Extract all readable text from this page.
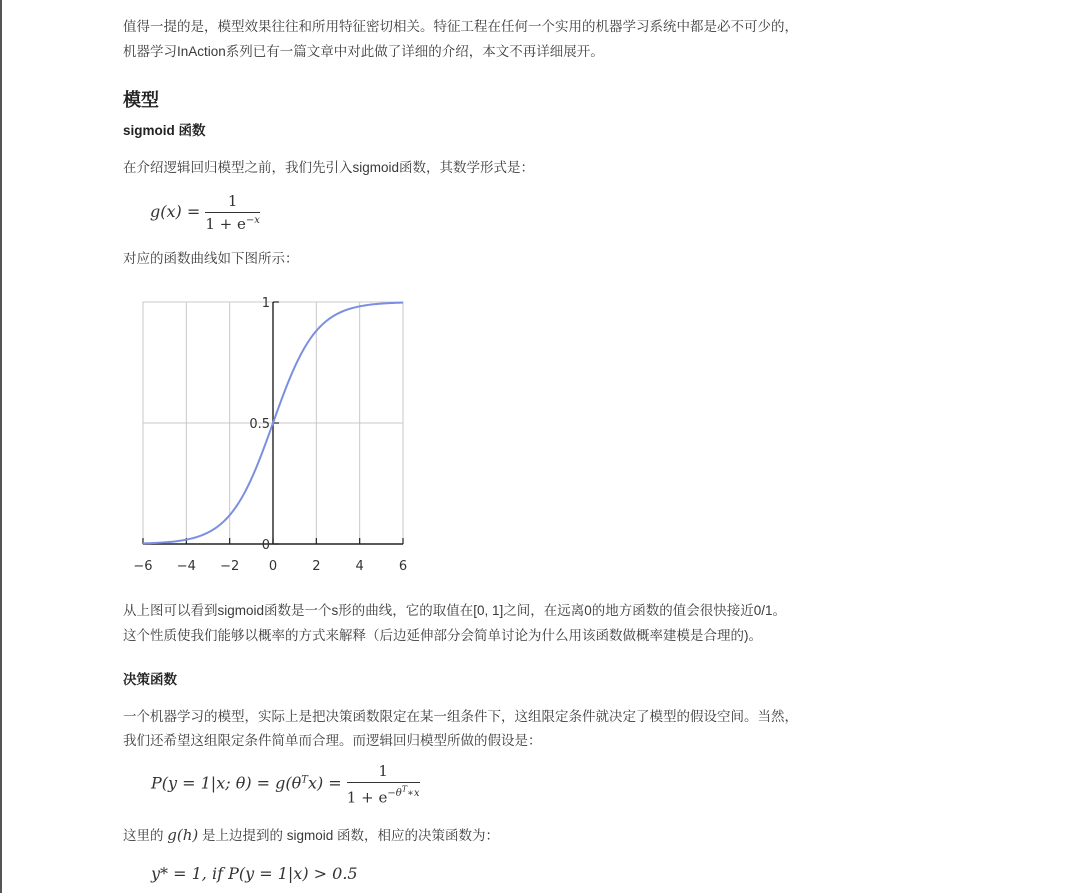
值得一提的是，模型效果往往和所用特征密切相关。特征工程在任何一个实用的机器学习系统中都是必不可少的，
机器学习InAction系列已有一篇文章中对此做了详细的介绍，本文不再详细展开。
模型
sigmoid 函数
在介绍逻辑回归模型之前，我们先引入sigmoid函数，其数学形式是：
$g(x) = \frac{1}{1 + e^{-x}}$
对应的函数曲线如下图所示：
从上图可以看到sigmoid函数是一个s形的曲线，它的取值在[0, 1]之间，在远离0的地方函数的值会很快接近0/1。
这个性质使我们能够以概率的方式来解释（后边延伸部分会简单讨论为什么用该函数做概率建模是合理的)。
决策函数
一个机器学习的模型，实际上是把决策函数限定在某一组条件下，这组限定条件就决定了模型的假设空间。当然，
我们还希望这组限定条件简单而合理。而逻辑回归模型所做的假设是：
P(y = 1|x; $\theta) = g(\theta^Tx) = \frac{1}{1 + e^{-\theta^T∗x}}$
这里的 g(h) 是上边提到的 sigmoid 函数，相应的决策函数为：
y* = 1, if P(y = 1|x) > 0.5
−6 −4 −2 0	2	4	6
0
0.5
1
